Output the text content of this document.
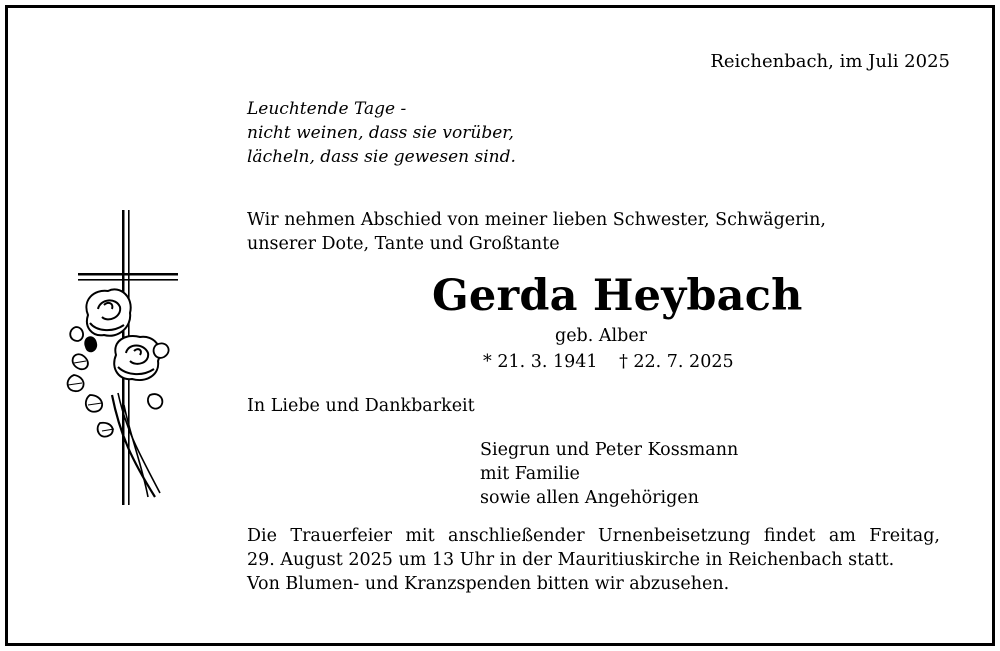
Reichenbach, im Juli 2025
Leuchtende Tage -
nicht weinen, dass sie vorüber,
lächeln, dass sie gewesen sind.
Wir nehmen Abschied von meiner lieben Schwester, Schwägerin,
unserer Dote, Tante und Großtante
Gerda Heybach
geb. Alber
* 21. 3. 1941 † 22. 7. 2025
In Liebe und Dankbarkeit
Siegrun und Peter Kossmann
mit Familie
sowie allen Angehörigen
Die Trauerfeier mit anschließender Urnenbeisetzung findet am Freitag,
29. August 2025 um 13 Uhr in der Mauritiuskirche in Reichenbach statt.
Von Blumen- und Kranzspenden bitten wir abzusehen.
